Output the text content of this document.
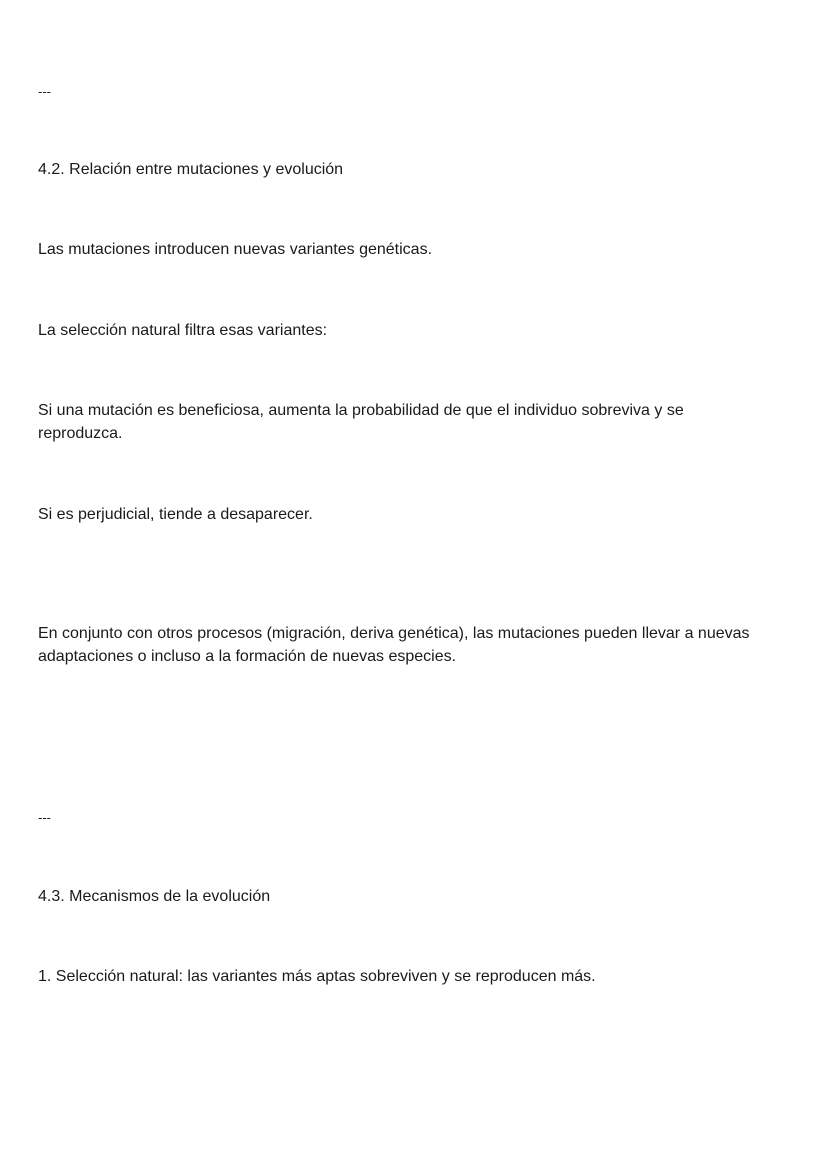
---

4.2. Relación entre mutaciones y evolución

Las mutaciones introducen nuevas variantes genéticas.

La selección natural filtra esas variantes:

Si una mutación es beneficiosa, aumenta la probabilidad de que el individuo sobreviva y se reproduzca.

Si es perjudicial, tiende a desaparecer.

En conjunto con otros procesos (migración, deriva genética), las mutaciones pueden llevar a nuevas adaptaciones o incluso a la formación de nuevas especies.

---

4.3. Mecanismos de la evolución

1. Selección natural: las variantes más aptas sobreviven y se reproducen más.
